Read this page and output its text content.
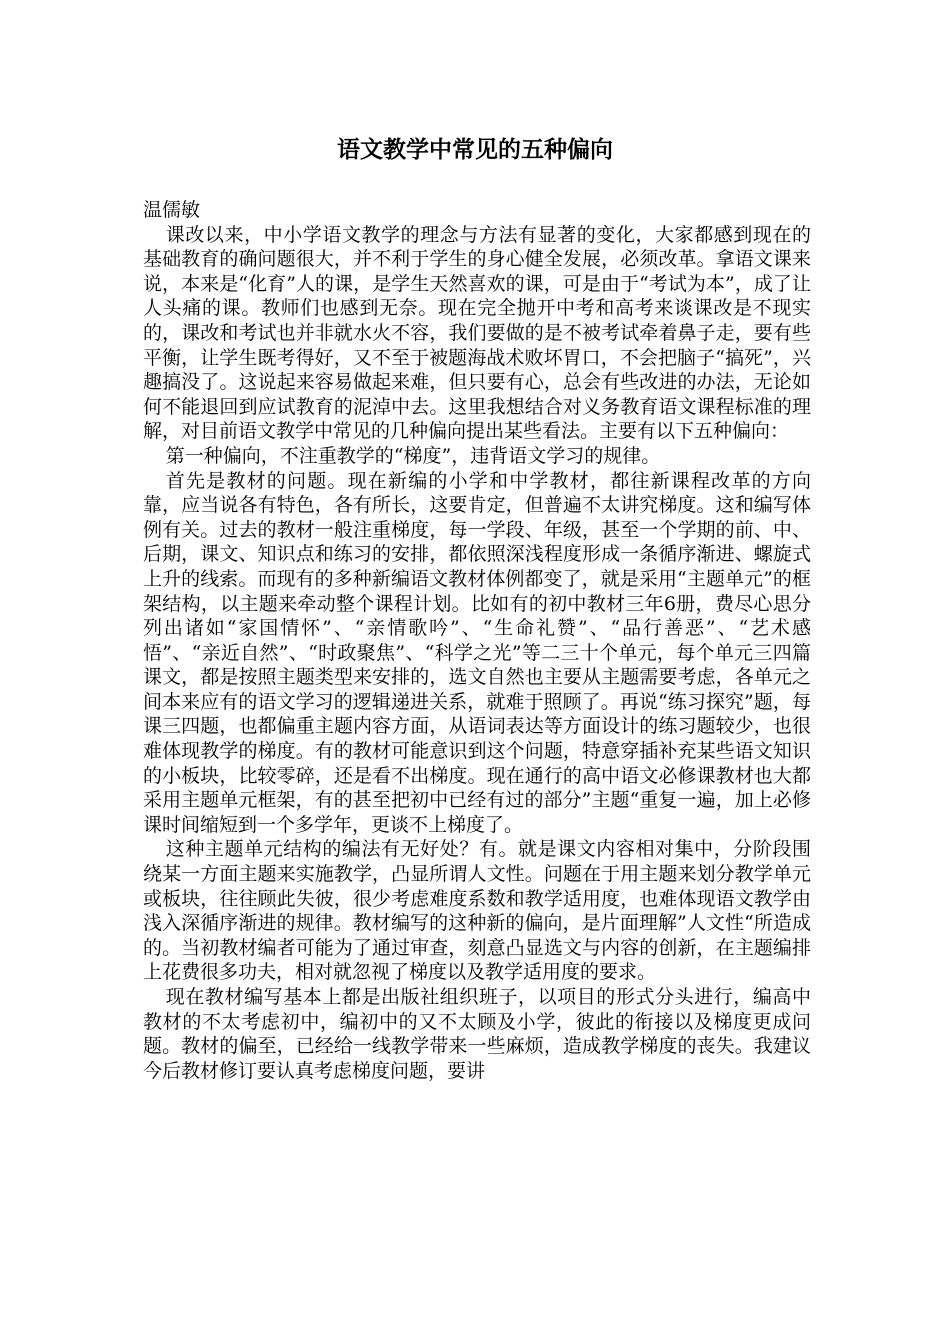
语文教学中常见的五种偏向

温儒敏

课改以来，中小学语文教学的理念与方法有显著的变化，大家都感到现在的基础教育的确问题很大，并不利于学生的身心健全发展，必须改革。拿语文课来说，本来是“化育”人的课，是学生天然喜欢的课，可是由于“考试为本”，成了让人头痛的课。教师们也感到无奈。现在完全抛开中考和高考来谈课改是不现实的，课改和考试也并非就水火不容，我们要做的是不被考试牵着鼻子走，要有些平衡，让学生既考得好，又不至于被题海战术败坏胃口，不会把脑子“搞死”，兴趣搞没了。这说起来容易做起来难，但只要有心，总会有些改进的办法，无论如何不能退回到应试教育的泥淖中去。这里我想结合对义务教育语文课程标准的理解，对目前语文教学中常见的几种偏向提出某些看法。主要有以下五种偏向：

第一种偏向，不注重教学的“梯度”，违背语文学习的规律。

首先是教材的问题。现在新编的小学和中学教材，都往新课程改革的方向靠，应当说各有特色，各有所长，这要肯定，但普遍不太讲究梯度。这和编写体例有关。过去的教材一般注重梯度，每一学段、年级，甚至一个学期的前、中、后期，课文、知识点和练习的安排，都依照深浅程度形成一条循序渐进、螺旋式上升的线索。而现有的多种新编语文教材体例都变了，就是采用“主题单元”的框架结构，以主题来牵动整个课程计划。比如有的初中教材三年6册，费尽心思分列出诸如“家国情怀”、“亲情歌吟”、“生命礼赞”、“品行善恶”、“艺术感悟”、“亲近自然”、“时政聚焦”、“科学之光”等二三十个单元，每个单元三四篇课文，都是按照主题类型来安排的，选文自然也主要从主题需要考虑，各单元之间本来应有的语文学习的逻辑递进关系，就难于照顾了。再说“练习探究”题，每课三四题，也都偏重主题内容方面，从语词表达等方面设计的练习题较少，也很难体现教学的梯度。有的教材可能意识到这个问题，特意穿插补充某些语文知识的小板块，比较零碎，还是看不出梯度。现在通行的高中语文必修课教材也大都采用主题单元框架，有的甚至把初中已经有过的部分”主题“重复一遍，加上必修课时间缩短到一个多学年，更谈不上梯度了。

这种主题单元结构的编法有无好处？有。就是课文内容相对集中，分阶段围绕某一方面主题来实施教学，凸显所谓人文性。问题在于用主题来划分教学单元或板块，往往顾此失彼，很少考虑难度系数和教学适用度，也难体现语文教学由浅入深循序渐进的规律。教材编写的这种新的偏向，是片面理解”人文性“所造成的。当初教材编者可能为了通过审查，刻意凸显选文与内容的创新，在主题编排上花费很多功夫，相对就忽视了梯度以及教学适用度的要求。

现在教材编写基本上都是出版社组织班子，以项目的形式分头进行，编高中教材的不太考虑初中，编初中的又不太顾及小学，彼此的衔接以及梯度更成问题。教材的偏至，已经给一线教学带来一些麻烦，造成教学梯度的丧失。我建议今后教材修订要认真考虑梯度问题，要讲
